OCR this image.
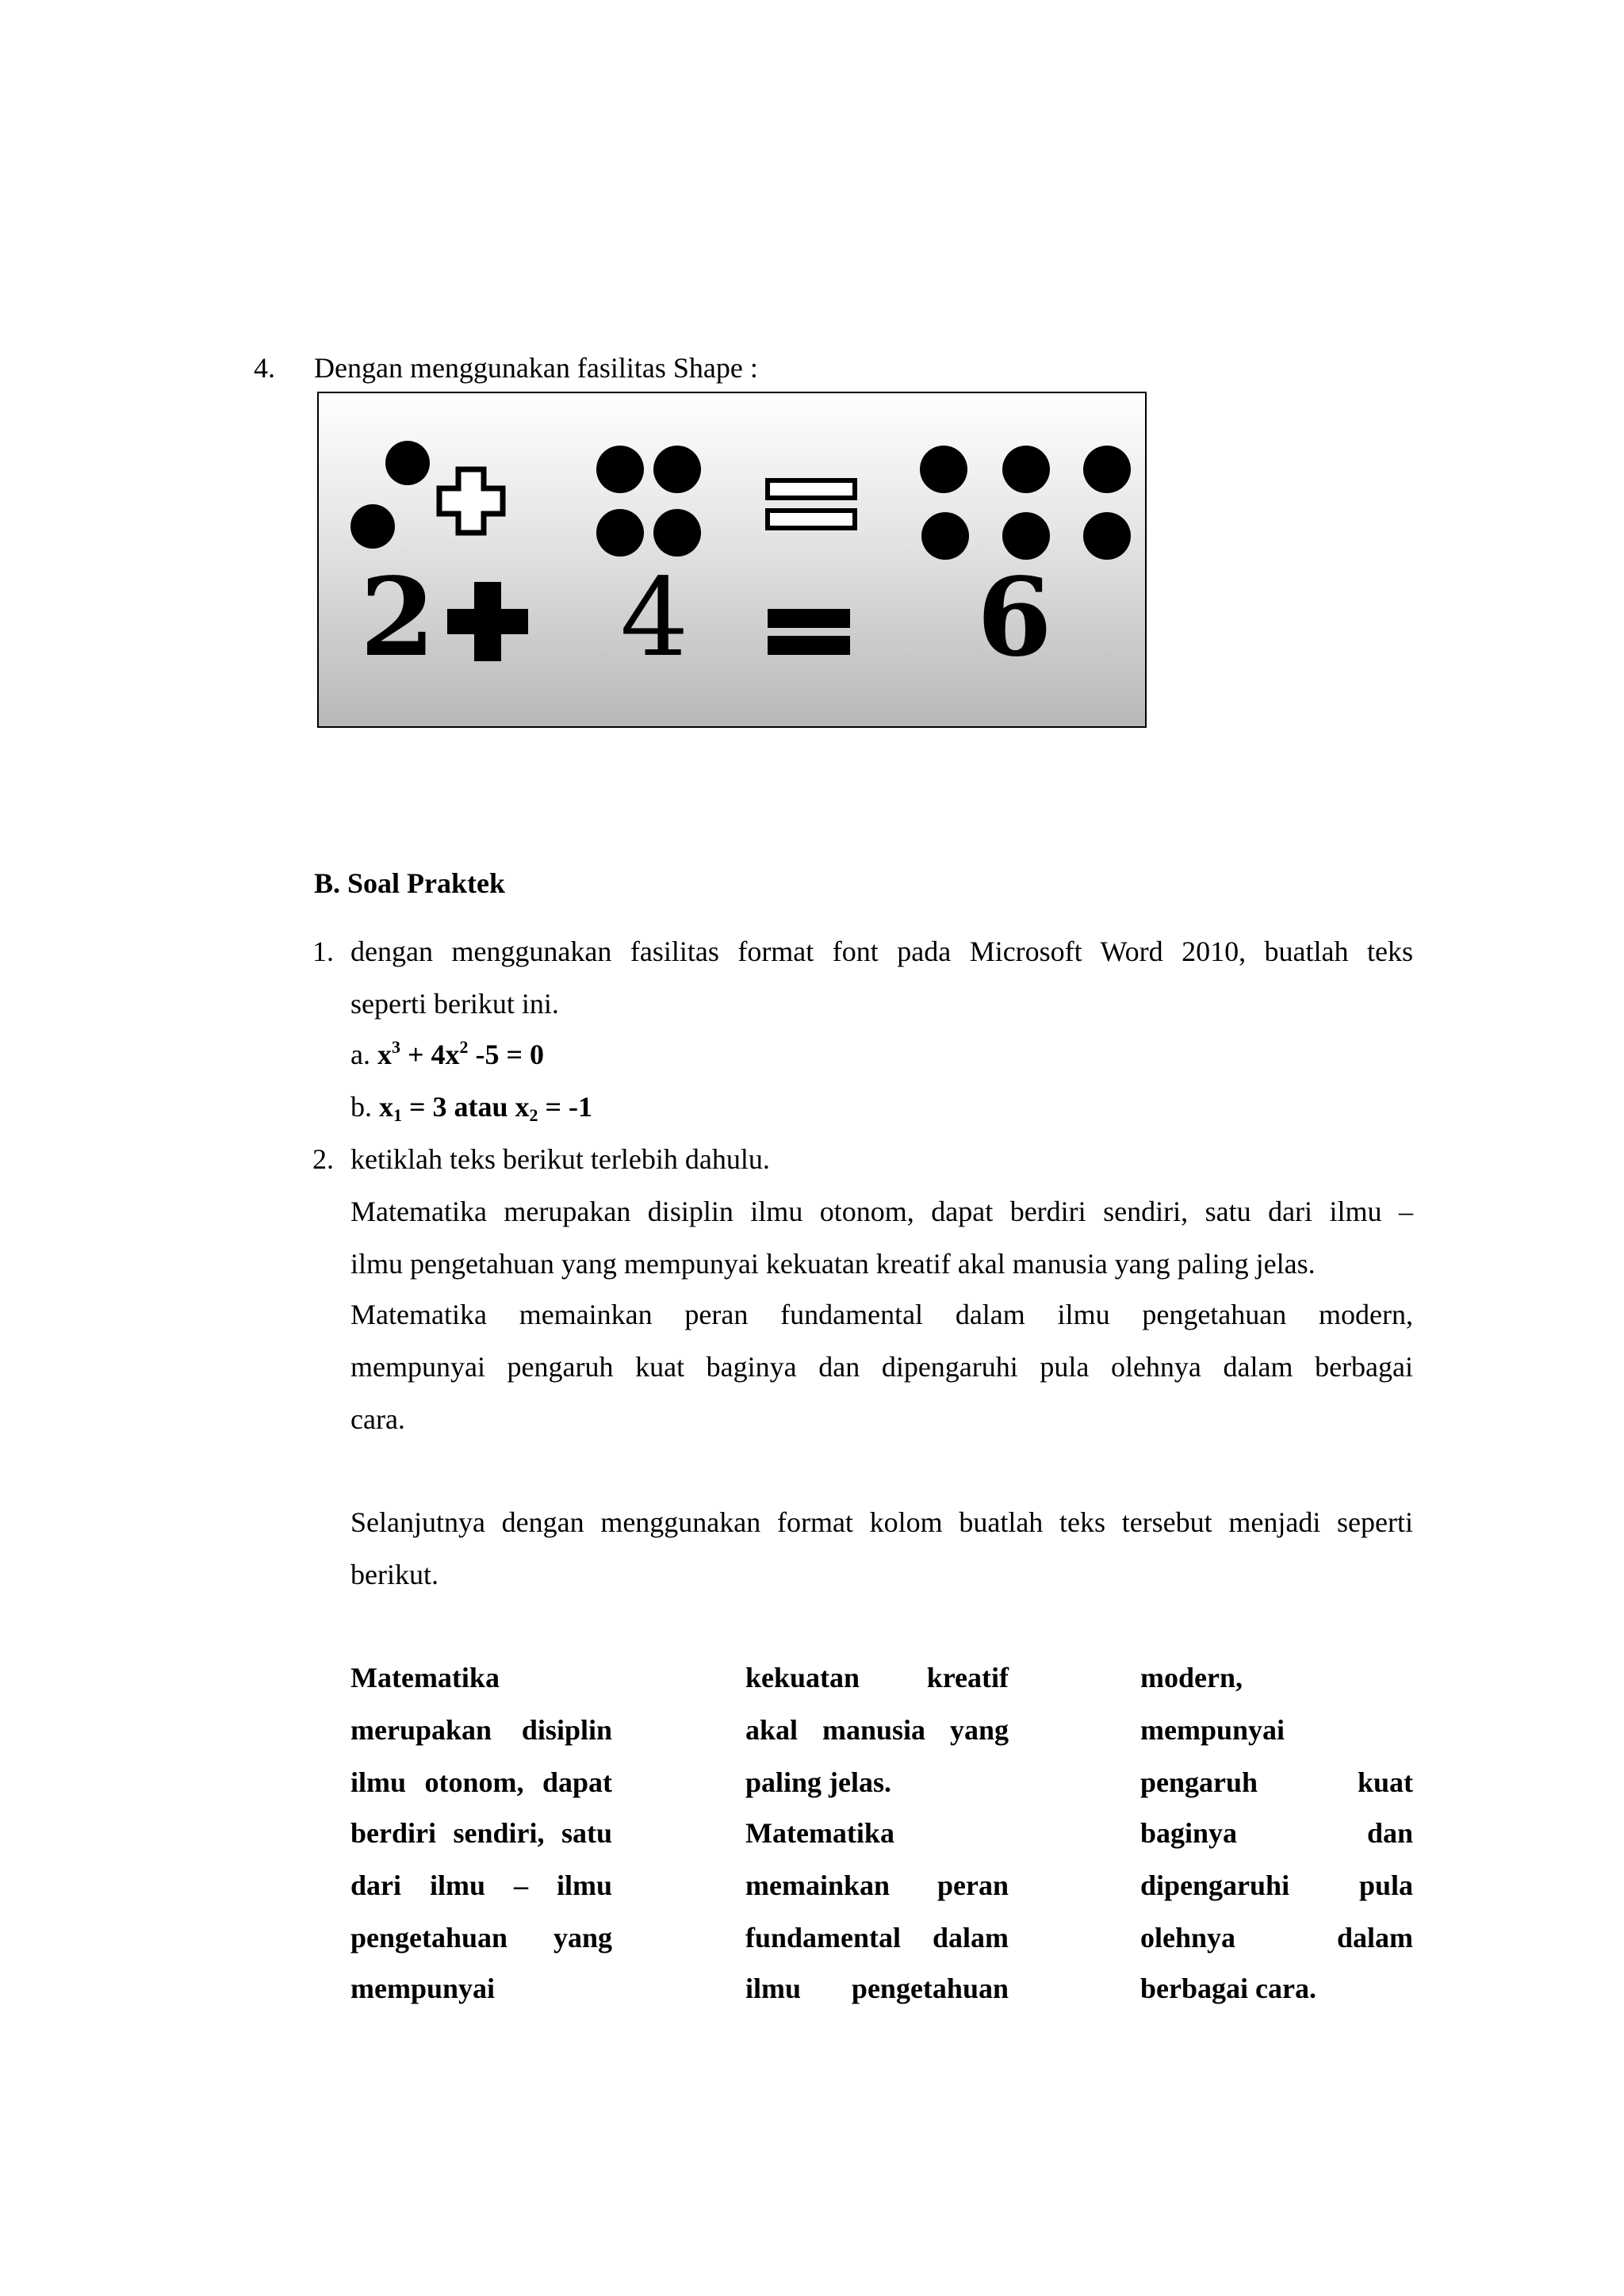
4. Dengan menggunakan fasilitas Shape :
2 4	6
B. Soal Praktek
1. dengan menggunakan fasilitas format font pada Microsoft Word 2010, buatlah teks
seperti berikut ini.
a. $x^3 + 4x^2$ -5 = 0
b. $x_1 = 3$ atau $x_2 = -1$
2. ketiklah teks berikut terlebih dahulu.
Matematika merupakan disiplin ilmu otonom, dapat berdiri sendiri, satu dari ilmu –
ilmu pengetahuan yang mempunyai kekuatan kreatif akal manusia yang paling jelas.
Matematika memainkan peran fundamental dalam ilmu pengetahuan modern,
mempunyai pengaruh kuat baginya dan dipengaruhi pula olehnya dalam berbagai
cara.
Selanjutnya dengan menggunakan format kolom buatlah teks tersebut menjadi seperti
berikut.
Matematika
merupakan disiplin
ilmu otonom, dapat
berdiri sendiri, satu
dari ilmu – ilmu
pengetahuan yang
mempunyai
kekuatan kreatif
akal manusia yang
paling jelas.
Matematika
memainkan peran
fundamental dalam
ilmu pengetahuan
modern,
mempunyai
pengaruh kuat
baginya dan
dipengaruhi pula
olehnya dalam
berbagai cara.
